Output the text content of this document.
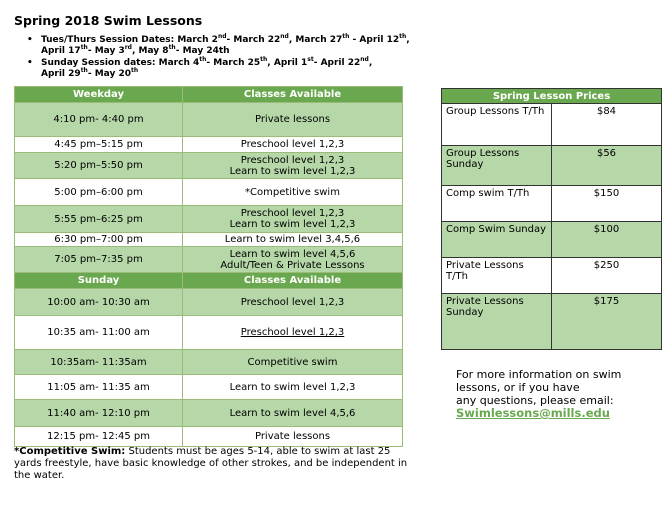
Spring 2018 Swim Lessons
• Tues/Thurs Session Dates: March 2nd- March 22nd, March 27th - April 12th,
April 17th- May 3rd, May 8th- May 24th
• Sunday Session dates: March 4th- March 25th, April 1st- April 22nd,
April 29th- May 20th
Weekday	Classes Available
4:10 pm- 4:40 pm	Private lessons
4:45 pm–5:15 pm	Preschool level 1,2,3
5:20 pm–5:50 pm	Preschool level 1,2,3
Learn to swim level 1,2,3
5:00 pm–6:00 pm	*Competitive swim
5:55 pm–6:25 pm	Preschool level 1,2,3
Learn to swim level 1,2,3
6:30 pm–7:00 pm	Learn to swim level 3,4,5,6
7:05 pm–7:35 pm	Learn to swim level 4,5,6
Adult/Teen & Private Lessons
Sunday	Classes Available
10:00 am- 10:30 am	Preschool level 1,2,3
10:35 am- 11:00 am	Preschool level 1,2,3
10:35am- 11:35am	Competitive swim
11:05 am- 11:35 am	Learn to swim level 1,2,3
11:40 am- 12:10 pm	Learn to swim level 4,5,6
12:15 pm- 12:45 pm	Private lessons
*Competitive Swim: Students must be ages 5-14, able to swim at last 25 yards freestyle, have basic knowledge of other strokes, and be independent in the water.
Spring Lesson Prices	
Group Lessons T/Th	$84
Group Lessons Sunday	$56
Comp swim T/Th	$150
Comp Swim Sunday	$100
Private Lessons T/Th	$250
Private Lessons Sunday	$175
For more information on swim
lessons, or if you have
any questions, please email:
Swimlessons@mills.edu
